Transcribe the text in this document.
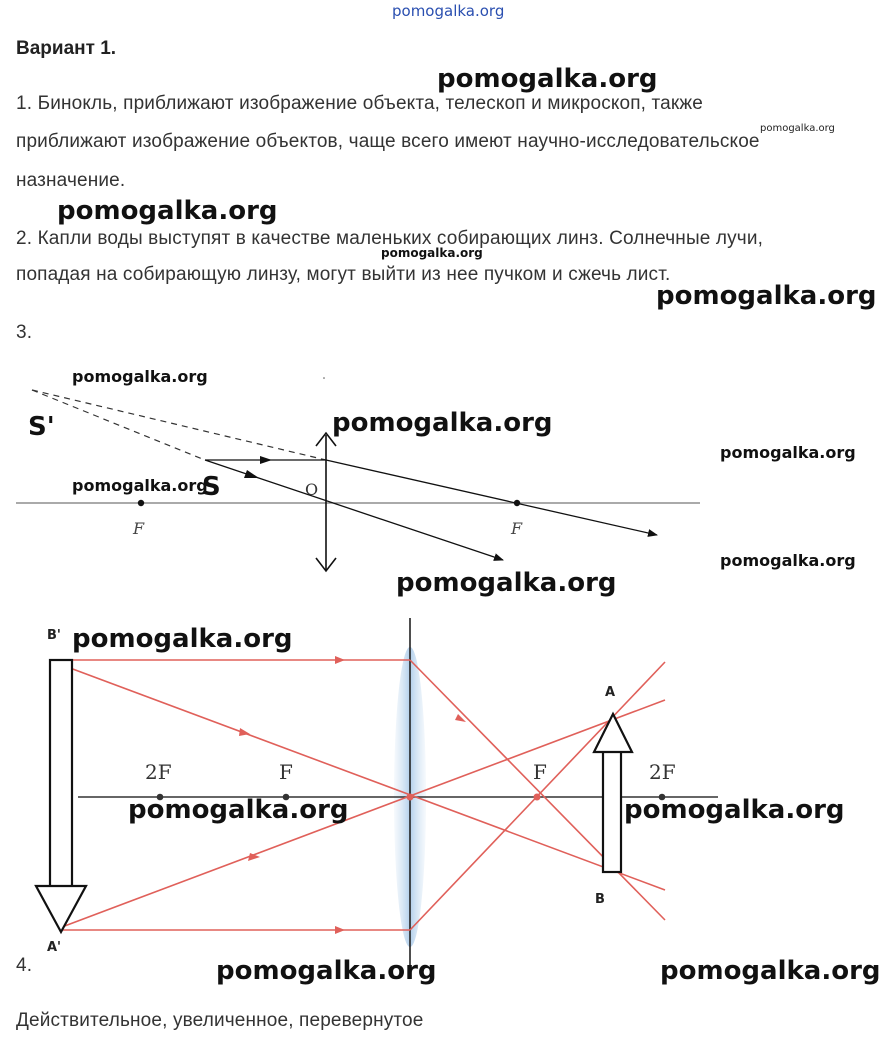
pomogalka.org
Вариант 1.
1. Бинокль, приближают изображение объекта, телескоп и микроскоп, также
приближают изображение объектов, чаще всего имеют научно-исследовательское
назначение.
2. Капли воды выступят в качестве маленьких собирающих линз. Солнечные лучи,
попадая на собирающую линзу, могут выйти из нее пучком и сжечь лист.
3.
4.
Действительное, увеличенное, перевернутое
S'
S	O
F	F
B'
A'
A
B
2F	F	F	2F
pomogalka.org
pomogalka.org
pomogalka.org
pomogalka.org
pomogalka.org
pomogalka.org
pomogalka.org
pomogalka.org
pomogalka.org
pomogalka.org
pomogalka.org
pomogalka.org
pomogalka.org	pomogalka.org
pomogalka.org	pomogalka.org
